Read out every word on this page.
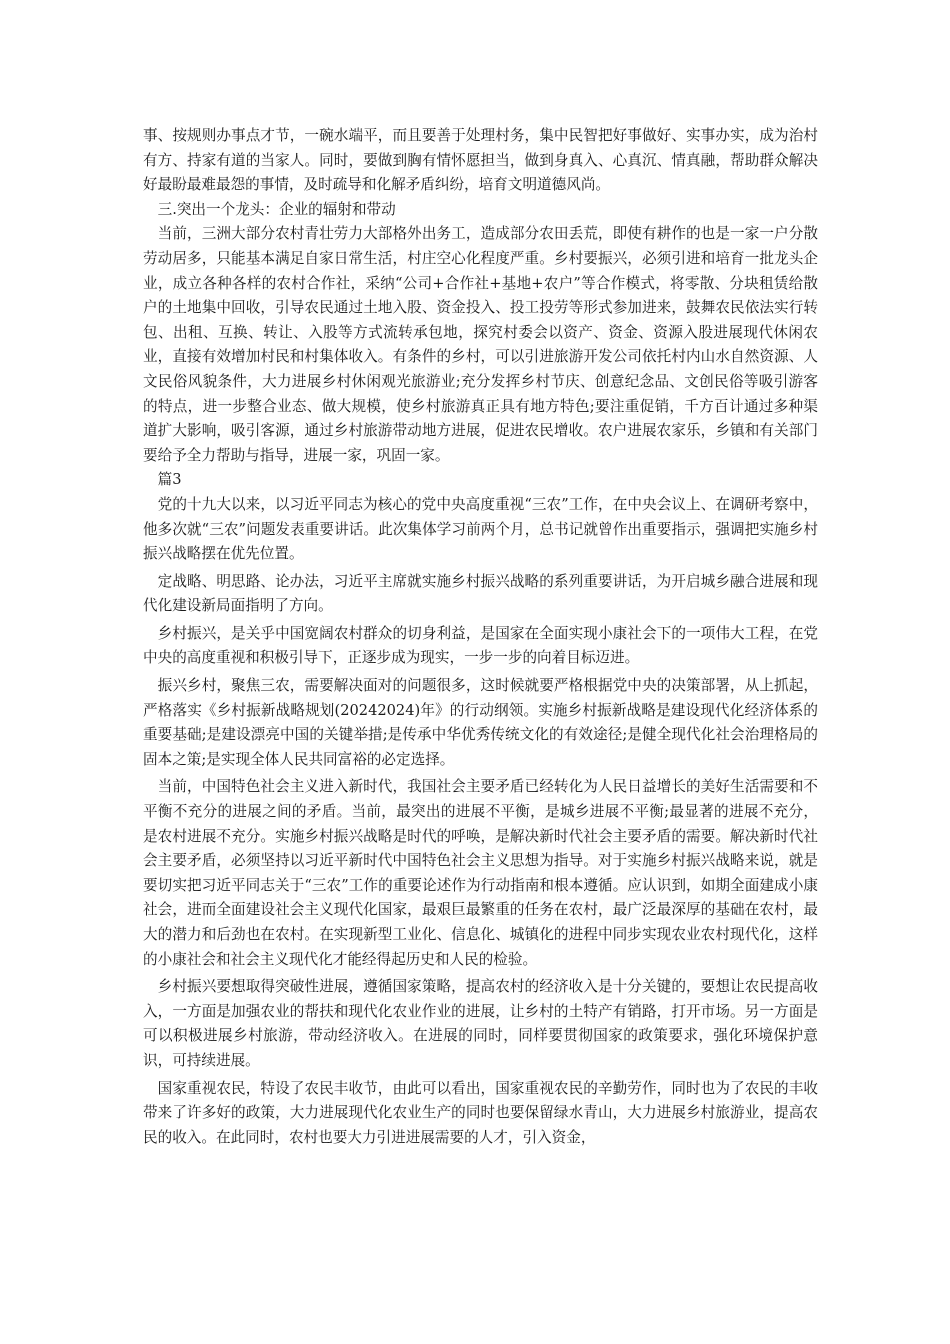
事、按规则办事点才节，一碗水端平，而且要善于处理村务，集中民智把好事做好、实事办实，成为治村有方、持家有道的当家人。同时，要做到胸有情怀愿担当，做到身真入、心真沉、情真融，帮助群众解决好最盼最难最怨的事情，及时疏导和化解矛盾纠纷，培育文明道德风尚。

　三.突出一个龙头：企业的辐射和带动

　当前，三洲大部分农村青壮劳力大部格外出务工，造成部分农田丢荒，即使有耕作的也是一家一户分散劳动居多，只能基本满足自家日常生活，村庄空心化程度严重。乡村要振兴，必须引进和培育一批龙头企业，成立各种各样的农村合作社，采纳“公司+合作社+基地+农户”等合作模式，将零散、分块租赁给散户的土地集中回收，引导农民通过土地入股、资金投入、投工投劳等形式参加进来，鼓舞农民依法实行转包、出租、互换、转让、入股等方式流转承包地，探究村委会以资产、资金、资源入股进展现代休闲农业，直接有效增加村民和村集体收入。有条件的乡村，可以引进旅游开发公司依托村内山水自然资源、人文民俗风貌条件，大力进展乡村休闲观光旅游业;充分发挥乡村节庆、创意纪念品、文创民俗等吸引游客的特点，进一步整合业态、做大规模，使乡村旅游真正具有地方特色;要注重促销，千方百计通过多种渠道扩大影响，吸引客源，通过乡村旅游带动地方进展，促进农民增收。农户进展农家乐，乡镇和有关部门要给予全力帮助与指导，进展一家，巩固一家。

　篇3

　党的十九大以来，以习近平同志为核心的党中央高度重视“三农”工作，在中央会议上、在调研考察中，他多次就“三农”问题发表重要讲话。此次集体学习前两个月，总书记就曾作出重要指示，强调把实施乡村振兴战略摆在优先位置。

　定战略、明思路、论办法，习近平主席就实施乡村振兴战略的系列重要讲话，为开启城乡融合进展和现代化建设新局面指明了方向。

　乡村振兴，是关乎中国宽阔农村群众的切身利益，是国家在全面实现小康社会下的一项伟大工程，在党中央的高度重视和积极引导下，正逐步成为现实，一步一步的向着目标迈进。

　振兴乡村，聚焦三农，需要解决面对的问题很多，这时候就要严格根据党中央的决策部署，从上抓起，严格落实《乡村振新战略规划(20242024)年》的行动纲领。实施乡村振新战略是建设现代化经济体系的重要基础;是建设漂亮中国的关键举措;是传承中华优秀传统文化的有效途径;是健全现代化社会治理格局的固本之策;是实现全体人民共同富裕的必定选择。

　当前，中国特色社会主义进入新时代，我国社会主要矛盾已经转化为人民日益增长的美好生活需要和不平衡不充分的进展之间的矛盾。当前，最突出的进展不平衡，是城乡进展不平衡;最显著的进展不充分，是农村进展不充分。实施乡村振兴战略是时代的呼唤，是解决新时代社会主要矛盾的需要。解决新时代社会主要矛盾，必须坚持以习近平新时代中国特色社会主义思想为指导。对于实施乡村振兴战略来说，就是要切实把习近平同志关于“三农”工作的重要论述作为行动指南和根本遵循。应认识到，如期全面建成小康社会，进而全面建设社会主义现代化国家，最艰巨最繁重的任务在农村，最广泛最深厚的基础在农村，最大的潜力和后劲也在农村。在实现新型工业化、信息化、城镇化的进程中同步实现农业农村现代化，这样的小康社会和社会主义现代化才能经得起历史和人民的检验。

　乡村振兴要想取得突破性进展，遵循国家策略，提高农村的经济收入是十分关键的，要想让农民提高收入，一方面是加强农业的帮扶和现代化农业作业的进展，让乡村的土特产有销路，打开市场。另一方面是可以积极进展乡村旅游，带动经济收入。在进展的同时，同样要贯彻国家的政策要求，强化环境保护意识，可持续进展。

　国家重视农民，特设了农民丰收节，由此可以看出，国家重视农民的辛勤劳作，同时也为了农民的丰收带来了许多好的政策，大力进展现代化农业生产的同时也要保留绿水青山，大力进展乡村旅游业，提高农民的收入。在此同时，农村也要大力引进进展需要的人才，引入资金，
